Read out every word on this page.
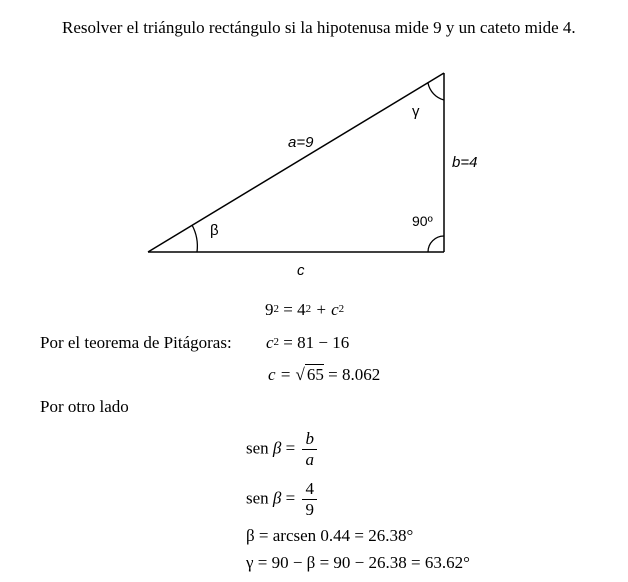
Resolver el triángulo rectángulo si la hipotenusa mide 9 y un cateto mide 4.
a=9
b=4
c
β
γ
90º
$9^2 = 4^2 + c^2$
Por el teorema de Pitágoras: $c^2 = 81 - 16$
c = √ 65 = 8.062
Por otro lado
sen $\beta = \frac{b}{a}$
sen $\beta = \frac{4}{9}$
β = arcsen 0.44 = 26.38°
γ = 90 − β = 90 − 26.38 = 63.62°
